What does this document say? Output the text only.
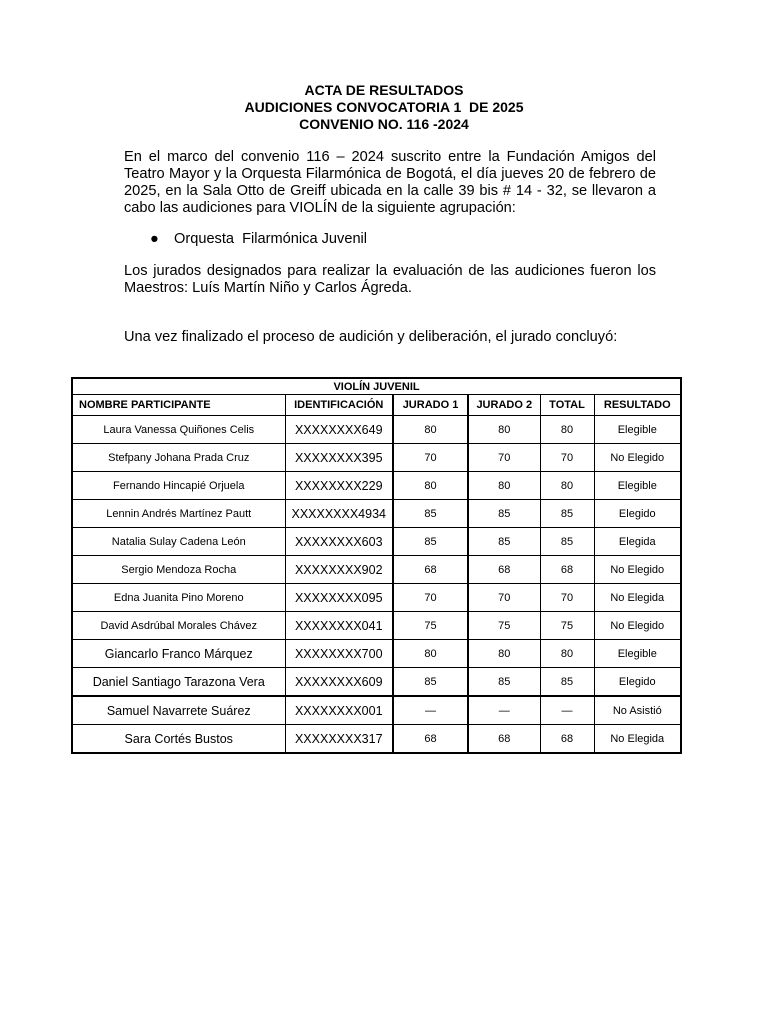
ACTA DE RESULTADOS
AUDICIONES CONVOCATORIA 1  DE 2025
CONVENIO NO. 116 -2024
En el marco del convenio 116 – 2024 suscrito entre la Fundación Amigos del Teatro Mayor y la Orquesta Filarmónica de Bogotá, el día jueves 20 de febrero de 2025, en la Sala Otto de Greiff ubicada en la calle 39 bis # 14 - 32, se llevaron a cabo las audiciones para VIOLÍN de la siguiente agrupación:
● Orquesta  Filarmónica Juvenil
Los jurados designados para realizar la evaluación de las audiciones fueron los Maestros: Luís Martín Niño y Carlos Ágreda.
Una vez finalizado el proceso de audición y deliberación, el jurado concluyó:
VIOLÍN JUVENIL					
NOMBRE PARTICIPANTE	IDENTIFICACIÓN	JURADO 1	JURADO 2	TOTAL	RESULTADO
Laura Vanessa Quiñones Celis	XXXXXXXX649	80	80	80	Elegible
Stefpany Johana Prada Cruz	XXXXXXXX395	70	70	70	No Elegido
Fernando Hincapié Orjuela	XXXXXXXX229	80	80	80	Elegible
Lennin Andrés Martínez Pautt	XXXXXXXX4934	85	85	85	Elegido
Natalia Sulay Cadena León	XXXXXXXX603	85	85	85	Elegida
Sergio Mendoza Rocha	XXXXXXXX902	68	68	68	No Elegido
Edna Juanita Pino Moreno	XXXXXXXX095	70	70	70	No Elegida
David Asdrúbal Morales Chávez	XXXXXXXX041	75	75	75	No Elegido
Giancarlo Franco Márquez	XXXXXXXX700	80	80	80	Elegible
Daniel Santiago Tarazona Vera	XXXXXXXX609	85	85	85	Elegido
Samuel Navarrete Suárez	XXXXXXXX001	—	—	—	No Asistió
Sara Cortés Bustos	XXXXXXXX317	68	68	68	No Elegida
